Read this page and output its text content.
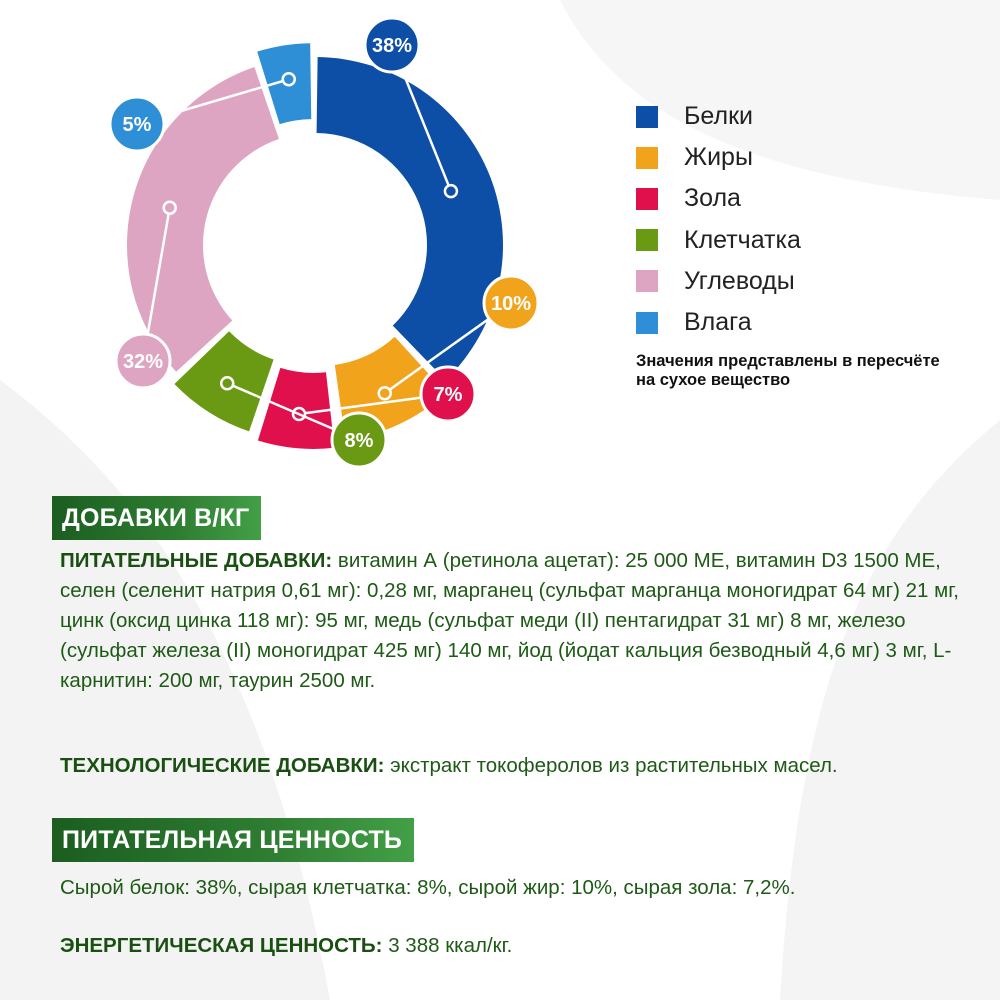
38%
10%
7%
8%
32%
5%	Белки
Жиры
Зола
Клетчатка
Углеводы
Влага
Значения представлены в пересчёте на сухое вещество
ДОБАВКИ В/КГ
ПИТАТЕЛЬНЫЕ ДОБАВКИ: витамин А (ретинола ацетат): 25 000 МЕ, витамин D3 1500 МЕ, селен (селенит натрия 0,61 мг): 0,28 мг, марганец (сульфат марганца моногидрат 64 мг) 21 мг, цинк (оксид цинка 118 мг): 95 мг, медь (сульфат меди (II) пентагидрат 31 мг) 8 мг, железо (сульфат железа (II) моногидрат 425 мг) 140 мг, йод (йодат кальция безводный 4,6 мг) 3 мг, L-карнитин: 200 мг, таурин 2500 мг.
ТЕХНОЛОГИЧЕСКИЕ ДОБАВКИ: экстракт токоферолов из растительных масел.
ПИТАТЕЛЬНАЯ ЦЕННОСТЬ
Сырой белок: 38%, сырая клетчатка: 8%, сырой жир: 10%, сырая зола: 7,2%.
ЭНЕРГЕТИЧЕСКАЯ ЦЕННОСТЬ: 3 388 ккал/кг.
